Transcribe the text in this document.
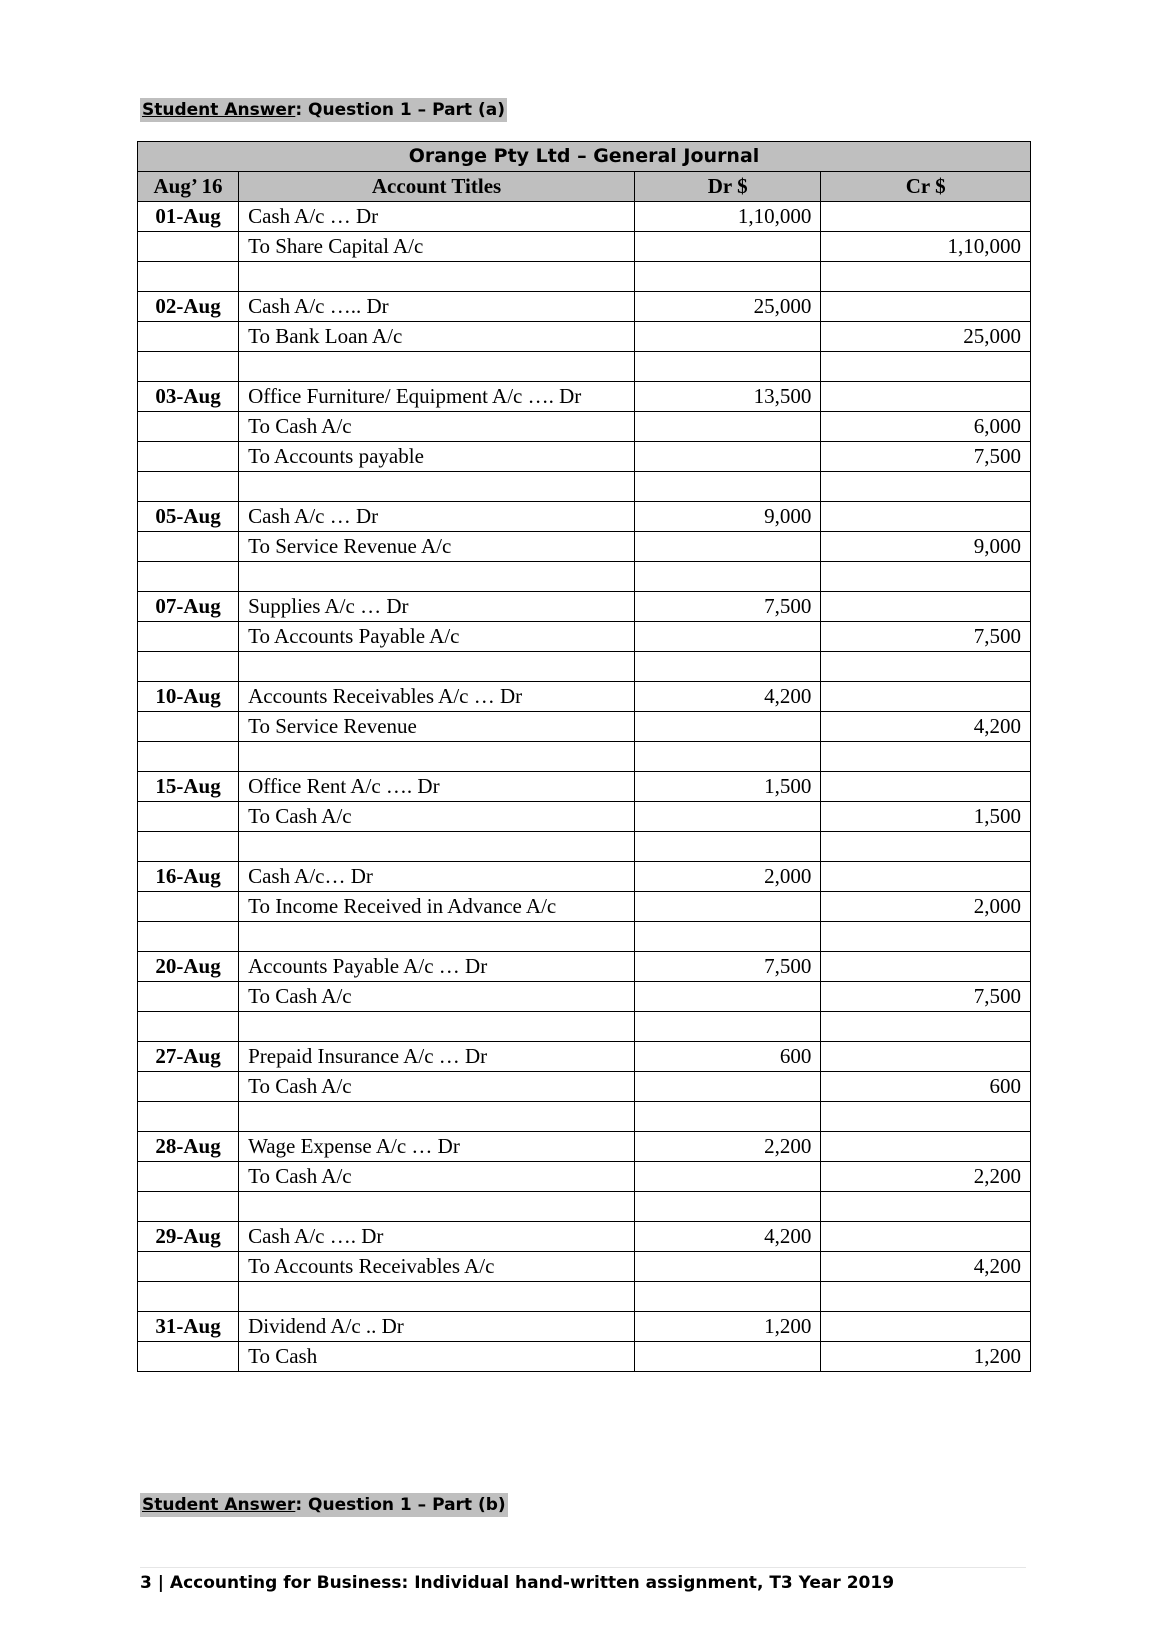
Student Answer: Question 1 – Part (a)
Orange Pty Ltd – General Journal			
Aug’ 16	Account Titles	Dr $	Cr $
01-Aug	Cash A/c … Dr	1,10,000	
	To Share Capital A/c		1,10,000

02-Aug	Cash A/c ….. Dr	25,000	
	To Bank Loan A/c		25,000

03-Aug	Office Furniture/ Equipment A/c …. Dr	13,500	
	To Cash A/c		6,000
	To Accounts payable		7,500

05-Aug	Cash A/c … Dr	9,000	
	To Service Revenue A/c		9,000

07-Aug	Supplies A/c … Dr	7,500	
	To Accounts Payable A/c		7,500

10-Aug	Accounts Receivables A/c … Dr	4,200	
	To Service Revenue		4,200

15-Aug	Office Rent A/c …. Dr	1,500	
	To Cash A/c		1,500

16-Aug	Cash A/c… Dr	2,000	
	To Income Received in Advance A/c		2,000

20-Aug	Accounts Payable A/c … Dr	7,500	
	To Cash A/c		7,500

27-Aug	Prepaid Insurance A/c … Dr	600	
	To Cash A/c		600

28-Aug	Wage Expense A/c … Dr	2,200	
	To Cash A/c		2,200

29-Aug	Cash A/c …. Dr	4,200	
	To Accounts Receivables A/c		4,200

31-Aug	Dividend A/c .. Dr	1,200	
	To Cash		1,200
Student Answer: Question 1 – Part (b)
3 | Accounting for Business: Individual hand-written assignment, T3 Year 2019
